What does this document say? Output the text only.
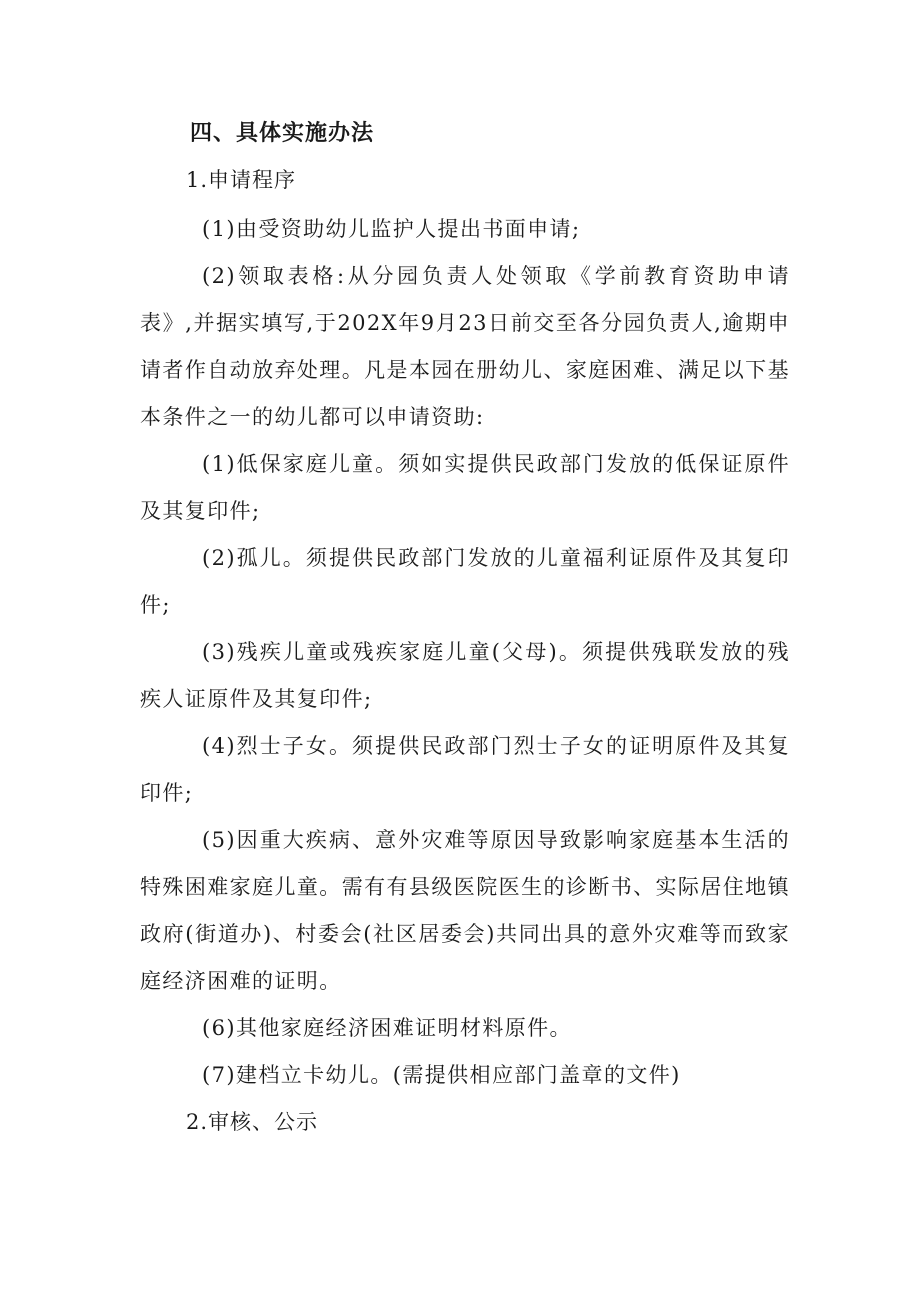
四、具体实施办法
1.申请程序

(1)由受资助幼儿监护人提出书面申请;

(2)领取表格:从分园负责人处领取《学前教育资助申请表》,并据实填写,于202X年9月23日前交至各分园负责人,逾期申请者作自动放弃处理。凡是本园在册幼儿、家庭困难、满足以下基本条件之一的幼儿都可以申请资助:

(1)低保家庭儿童。须如实提供民政部门发放的低保证原件及其复印件;

(2)孤儿。须提供民政部门发放的儿童福利证原件及其复印件;

(3)残疾儿童或残疾家庭儿童(父母)。须提供残联发放的残疾人证原件及其复印件;

(4)烈士子女。须提供民政部门烈士子女的证明原件及其复印件;

(5)因重大疾病、意外灾难等原因导致影响家庭基本生活的特殊困难家庭儿童。需有有县级医院医生的诊断书、实际居住地镇政府(街道办)、村委会(社区居委会)共同出具的意外灾难等而致家庭经济困难的证明。

(6)其他家庭经济困难证明材料原件。

(7)建档立卡幼儿。(需提供相应部门盖章的文件)

2.审核、公示
